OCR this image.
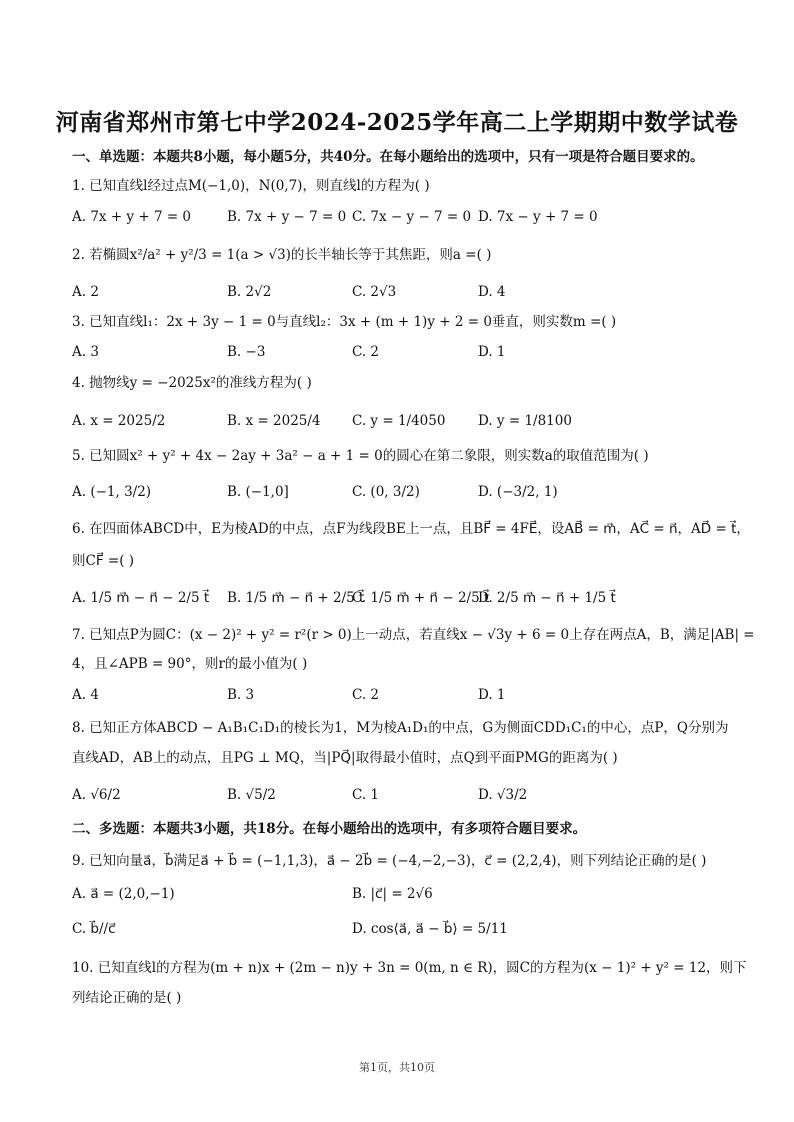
河南省郑州市第七中学2024-2025学年高二上学期期中数学试卷
一、单选题：本题共8小题，每小题5分，共40分。在每小题给出的选项中，只有一项是符合题目要求的。
1. 已知直线l经过点M(−1,0)，N(0,7)，则直线l的方程为( )
A. 7x + y + 7 = 0	B. 7x + y − 7 = 0 C. 7x − y − 7 = 0 D. 7x − y + 7 = 0
2. 若椭圆x²/a² + y²/3 = 1(a > √3)的长半轴长等于其焦距，则a =( )
A. 2	B. 2√2	C. 2√3	D. 4
3. 已知直线l₁：2x + 3y − 1 = 0与直线l₂：3x + (m + 1)y + 2 = 0垂直，则实数m =( )
A. 3	B. −3	C. 2	D. 1
4. 抛物线y = −2025x²的准线方程为( )
A. x = 2025/2	B. x = 2025/4 C. y = 1/4050 D. y = 1/8100
5. 已知圆x² + y² + 4x − 2ay + 3a² − a + 1 = 0的圆心在第二象限，则实数a的取值范围为( )
A. (−1, 3/2)	B. (−1,0]	C. (0, 3/2)	D. (−3/2, 1)
6. 在四面体ABCD中，E为棱AD的中点，点F为线段BE上一点，且BF⃗ = 4FE⃗，设AB⃗ = m⃗，AC⃗ = n⃗，AD⃗ = t⃗，
则CF⃗ =( )
A. 1/5 m⃗ − n⃗ − 2/5 t⃗ B. 1/5 m⃗ − n⃗ + 2/5 t⃗
C. 1/5 m⃗ + n⃗ − 2/5 t⃗
D. 2/5 m⃗ − n⃗ + 1/5 t⃗
7. 已知点P为圆C：(x − 2)² + y² = r²(r > 0)上一动点，若直线x − √3y + 6 = 0上存在两点A，B，满足|AB| =
4，且∠APB = 90°，则r的最小值为( )
A. 4	B. 3	C. 2	D. 1
8. 已知正方体ABCD − A₁B₁C₁D₁的棱长为1，M为棱A₁D₁的中点，G为侧面CDD₁C₁的中心，点P，Q分别为
直线AD，AB上的动点，且PG ⊥ MQ，当|PQ⃗|取得最小值时，点Q到平面PMG的距离为( )
A. √6/2	B. √5/2	C. 1	D. √3/2
二、多选题：本题共3小题，共18分。在每小题给出的选项中，有多项符合题目要求。
9. 已知向量a⃗，b⃗满足a⃗ + b⃗ = (−1,1,3)，a⃗ − 2b⃗ = (−4,−2,−3)，c⃗ = (2,2,4)，则下列结论正确的是( )
A. a⃗ = (2,0,−1)	B. |c⃗| = 2√6
C. b⃗//c⃗	D. cos⟨a⃗, a⃗ − b⃗⟩ = 5/11
10. 已知直线l的方程为(m + n)x + (2m − n)y + 3n = 0(m, n ∈ R)，圆C的方程为(x − 1)² + y² = 12，则下
列结论正确的是( )
第1页，共10页
